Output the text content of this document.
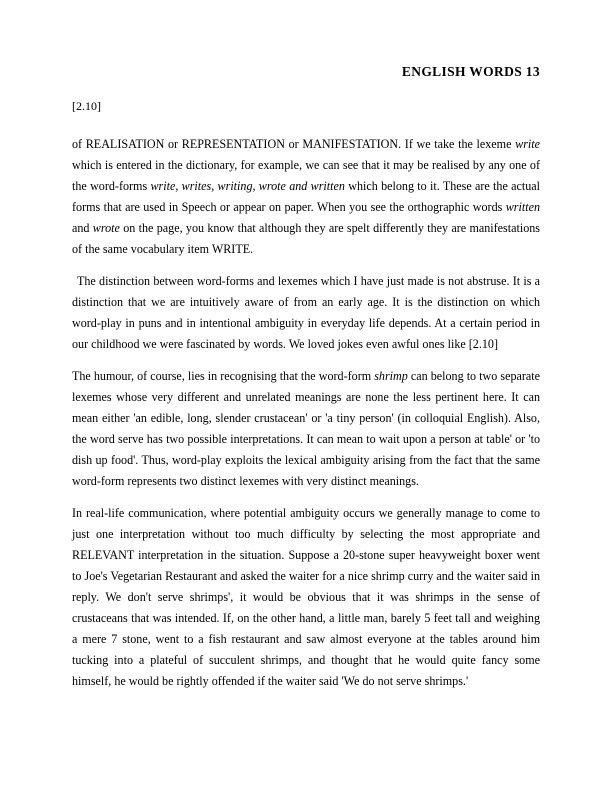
ENGLISH WORDS 13
[2.10]

of REALISATION or REPRESENTATION or MANIFESTATION. If we take the lexeme write which is entered in the dictionary, for example, we can see that it may be realised by any one of the word-forms write, writes, writing, wrote and written which belong to it. These are the actual forms that are used in Speech or appear on paper. When you see the orthographic words written and wrote on the page, you know that although they are spelt differently they are manifestations of the same vocabulary item WRITE.

The distinction between word-forms and lexemes which I have just made is not abstruse. It is a distinction that we are intuitively aware of from an early age. It is the distinction on which word-play in puns and in intentional ambiguity in everyday life depends. At a certain period in our childhood we were fascinated by words. We loved jokes even awful ones like [2.10]

The humour, of course, lies in recognising that the word-form shrimp can belong to two separate lexemes whose very different and unrelated meanings are none the less pertinent here. It can mean either 'an edible, long, slender crustacean' or 'a tiny person' (in colloquial English). Also, the word serve has two possible interpretations. It can mean to wait upon a person at table' or 'to dish up food'. Thus, word-play exploits the lexical ambiguity arising from the fact that the same word-form represents two distinct lexemes with very distinct meanings.

In real-life communication, where potential ambiguity occurs we generally manage to come to just one interpretation without too much difficulty by selecting the most appropriate and RELEVANT interpretation in the situation. Suppose a 20-stone super heavyweight boxer went to Joe's Vegetarian Restaurant and asked the waiter for a nice shrimp curry and the waiter said in reply. We don't serve shrimps', it would be obvious that it was shrimps in the sense of crustaceans that was intended. If, on the other hand, a little man, barely 5 feet tall and weighing a mere 7 stone, went to a fish restaurant and saw almost everyone at the tables around him tucking into a plateful of succulent shrimps, and thought that he would quite fancy some himself, he would be rightly offended if the waiter said 'We do not serve shrimps.'
